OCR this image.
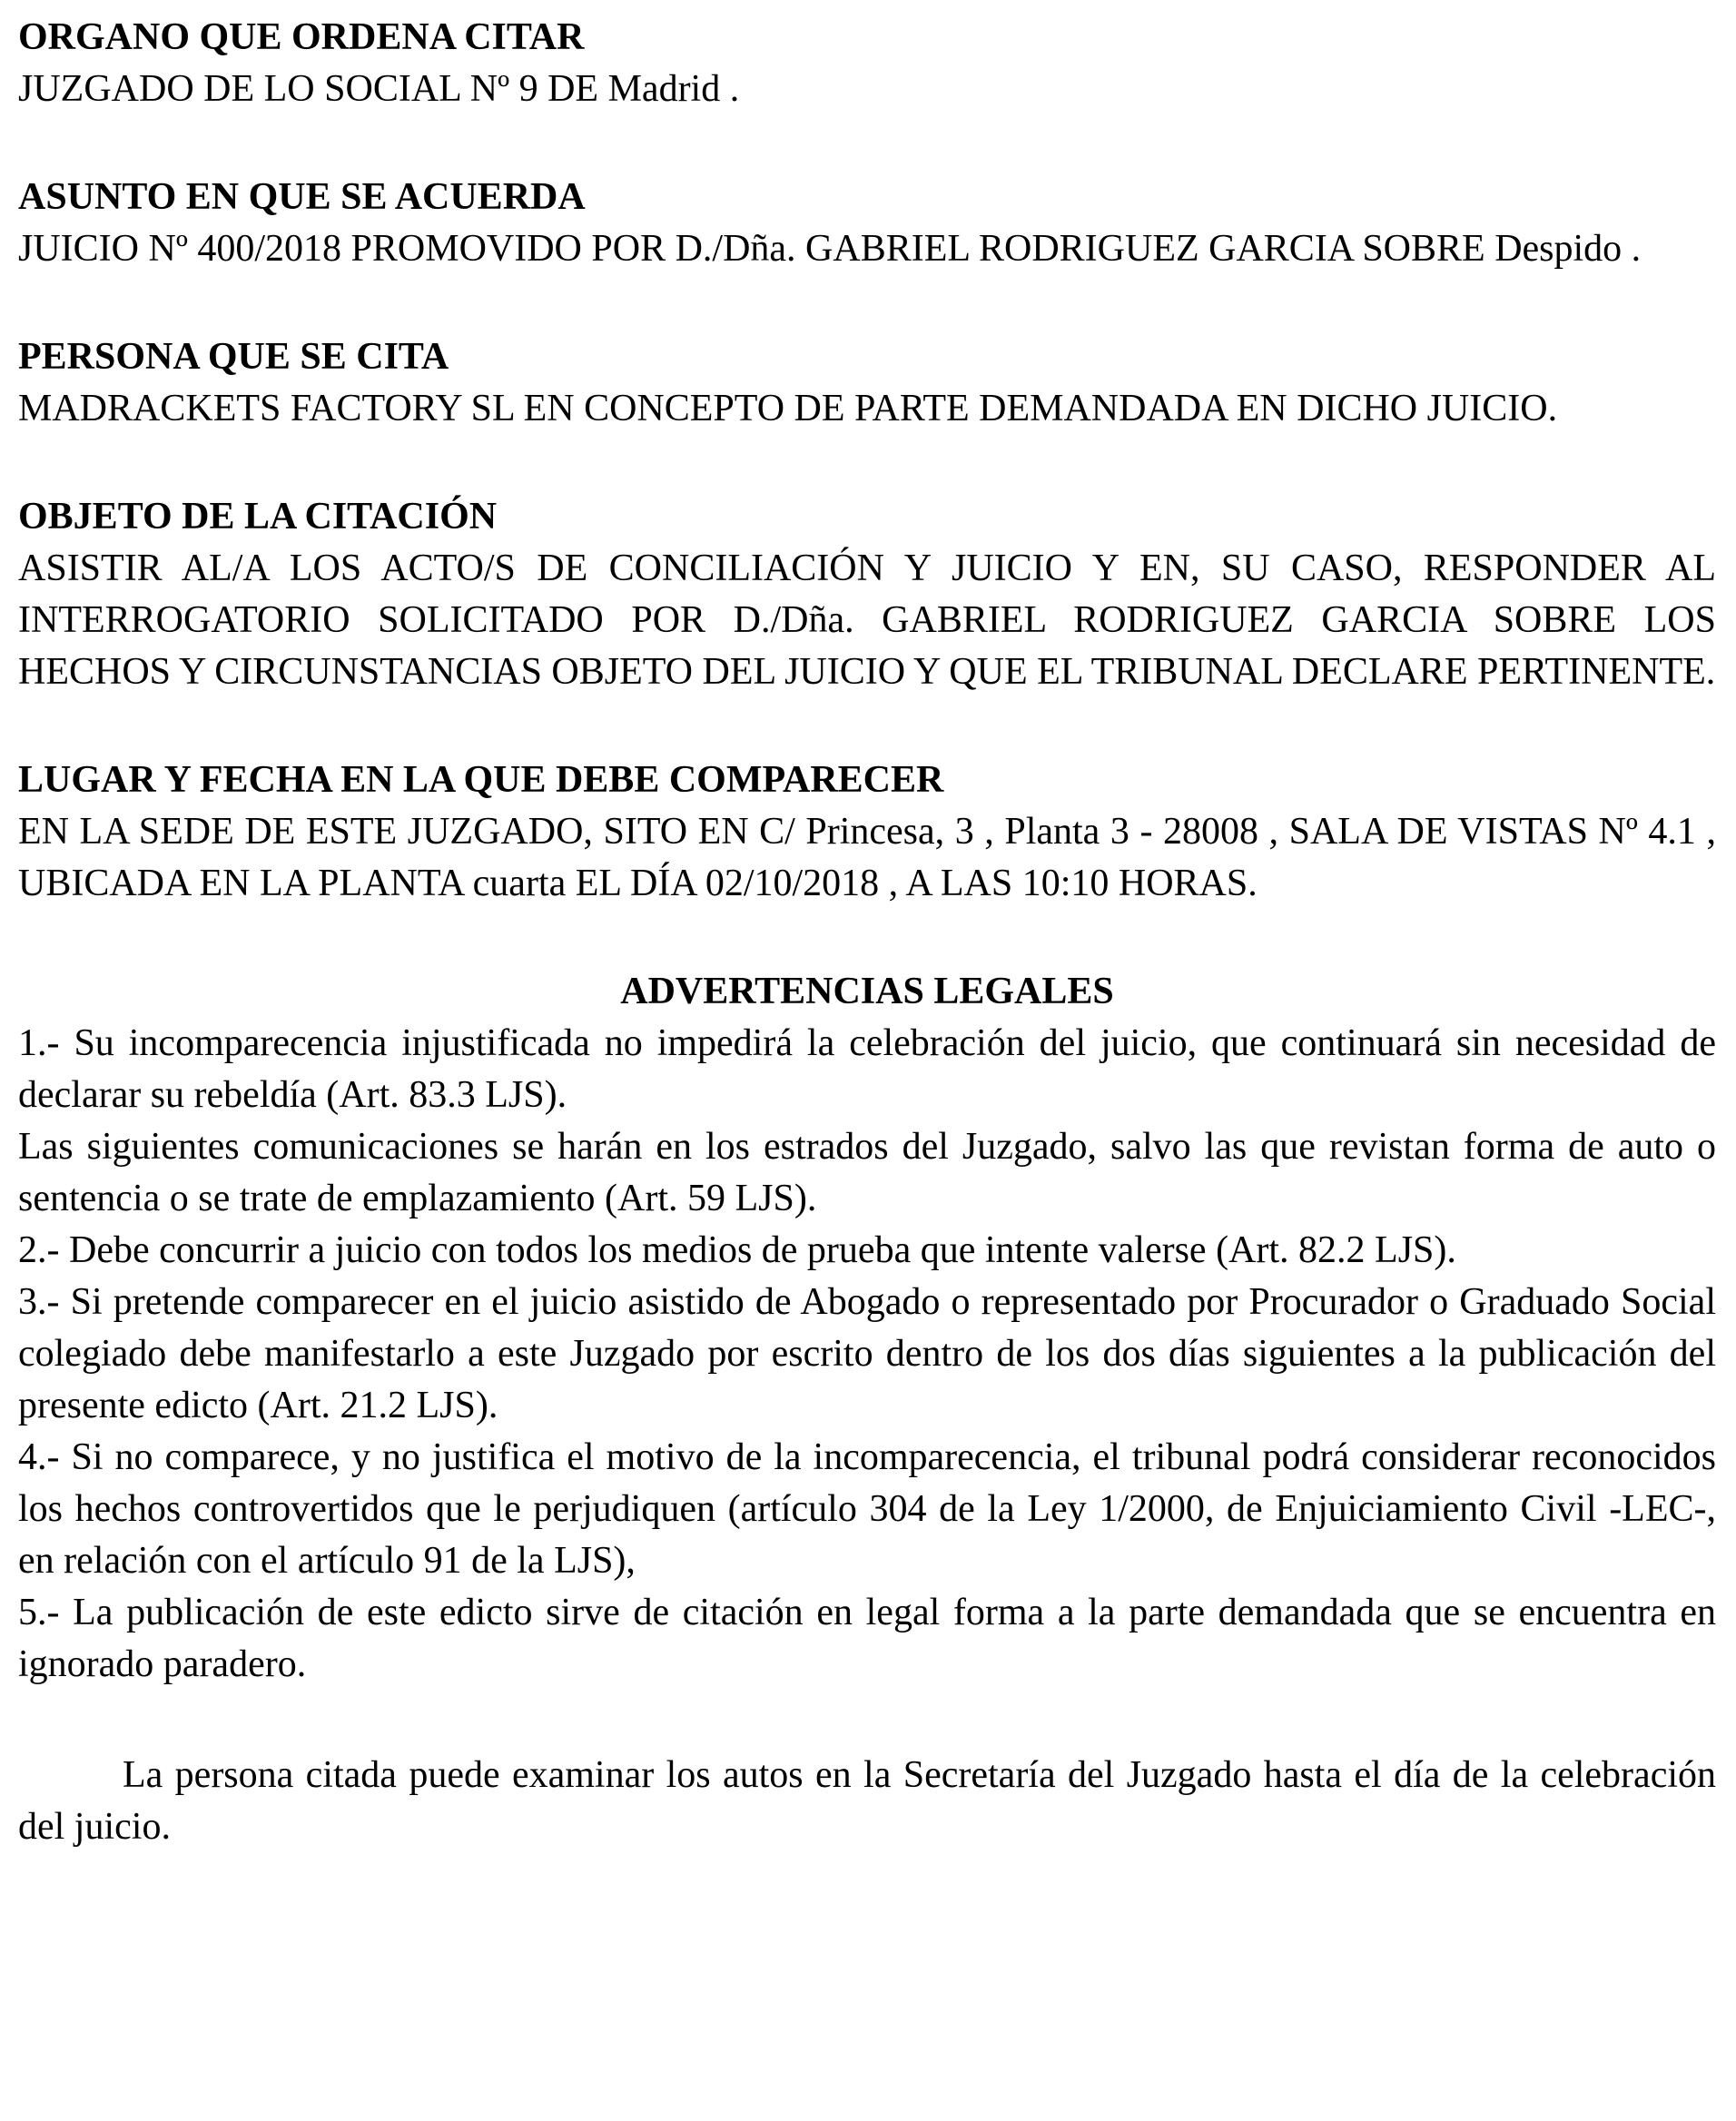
ORGANO QUE ORDENA CITAR

JUZGADO DE LO SOCIAL Nº 9 DE Madrid .

ASUNTO EN QUE SE ACUERDA

JUICIO Nº 400/2018 PROMOVIDO POR D./Dña. GABRIEL RODRIGUEZ GARCIA SOBRE Despido .

PERSONA QUE SE CITA

MADRACKETS FACTORY SL EN CONCEPTO DE PARTE DEMANDADA EN DICHO JUICIO.

OBJETO DE LA CITACIÓN

ASISTIR AL/A LOS ACTO/S DE CONCILIACIÓN Y JUICIO Y EN, SU CASO, RESPONDER AL INTERROGATORIO SOLICITADO POR D./Dña. GABRIEL RODRIGUEZ GARCIA SOBRE LOS HECHOS Y CIRCUNSTANCIAS OBJETO DEL JUICIO Y QUE EL TRIBUNAL DECLARE PERTINENTE.

LUGAR Y FECHA EN LA QUE DEBE COMPARECER

EN LA SEDE DE ESTE JUZGADO, SITO EN C/ Princesa, 3 , Planta 3 - 28008 , SALA DE VISTAS Nº 4.1 , UBICADA EN LA PLANTA cuarta EL DÍA 02/10/2018 , A LAS 10:10 HORAS.

ADVERTENCIAS LEGALES

1.- Su incomparecencia injustificada no impedirá la celebración del juicio, que continuará sin necesidad de declarar su rebeldía (Art. 83.3 LJS).

Las siguientes comunicaciones se harán en los estrados del Juzgado, salvo las que revistan forma de auto o sentencia o se trate de emplazamiento (Art. 59 LJS).

2.- Debe concurrir a juicio con todos los medios de prueba que intente valerse (Art. 82.2 LJS).

3.- Si pretende comparecer en el juicio asistido de Abogado o representado por Procurador o Graduado Social colegiado debe manifestarlo a este Juzgado por escrito dentro de los dos días siguientes a la publicación del presente edicto (Art. 21.2 LJS).

4.- Si no comparece, y no justifica el motivo de la incomparecencia, el tribunal podrá considerar reconocidos los hechos controvertidos que le perjudiquen (artículo 304 de la Ley 1/2000, de Enjuiciamiento Civil -LEC-, en relación con el artículo 91 de la LJS),

5.- La publicación de este edicto sirve de citación en legal forma a la parte demandada que se encuentra en ignorado paradero.

La persona citada puede examinar los autos en la Secretaría del Juzgado hasta el día de la celebración del juicio.
